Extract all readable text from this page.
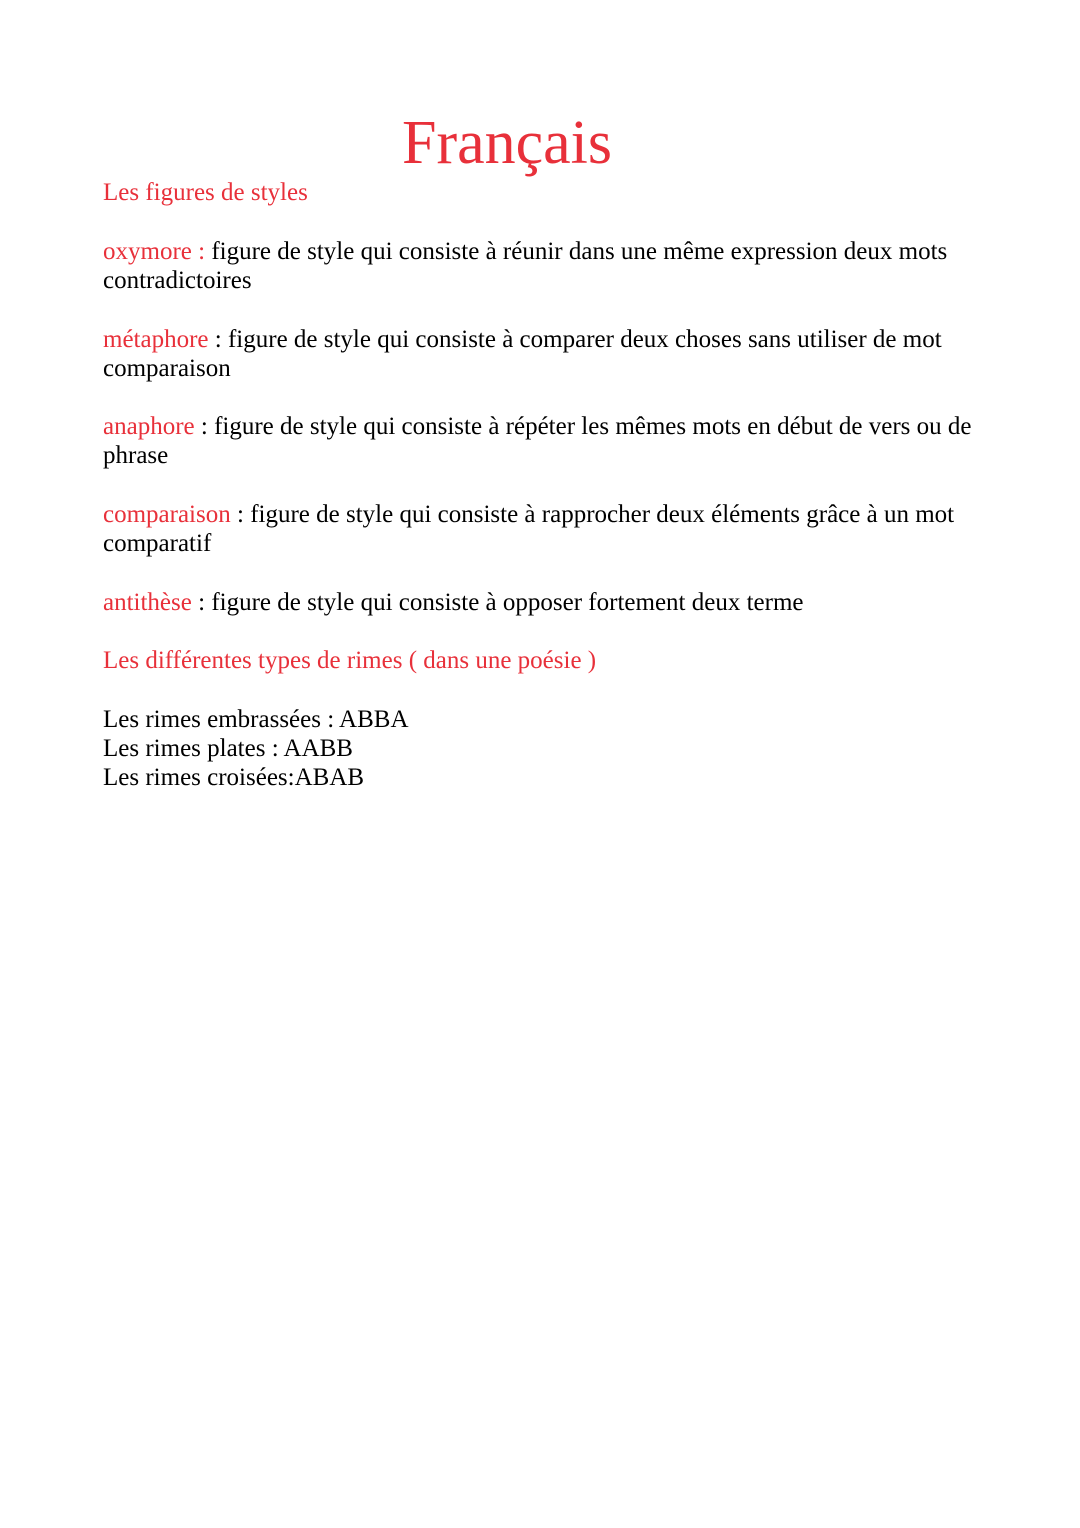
Français
Les figures de styles

oxymore : figure de style qui consiste à réunir dans une même expression deux mots contradictoires

métaphore : figure de style qui consiste à comparer deux choses sans utiliser de mot comparaison

anaphore : figure de style qui consiste à répéter les mêmes mots en début de vers ou de phrase

comparaison : figure de style qui consiste à rapprocher deux éléments grâce à un mot comparatif

antithèse : figure de style qui consiste à opposer fortement deux terme

Les différentes types de rimes ( dans une poésie )
Les rimes embrassées : ABBA
Les rimes plates : AABB
Les rimes croisées:ABAB
